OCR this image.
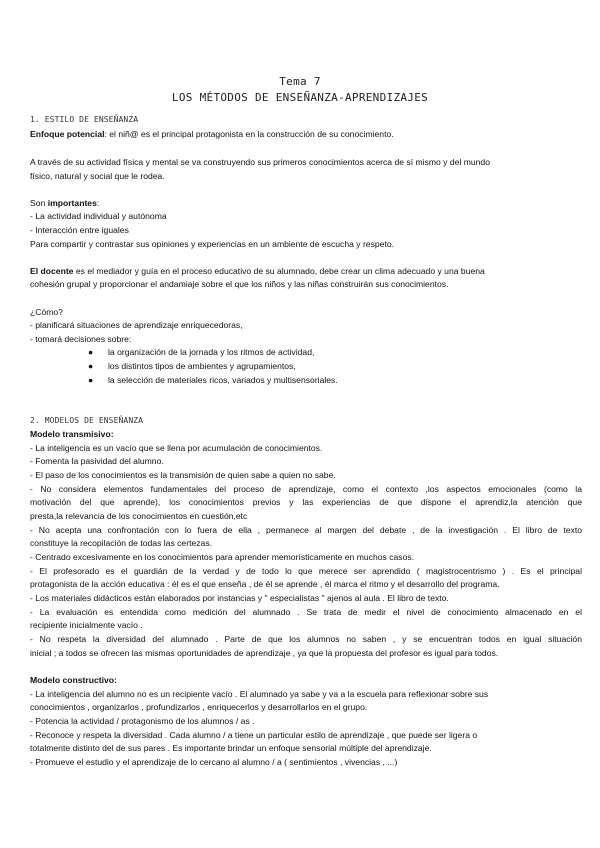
Tema 7
LOS MÉTODOS DE ENSEÑANZA-APRENDIZAJES
1. ESTILO DE ENSEÑANZA
Enfoque potencial: el niñ@ es el principal protagonista en la construcción de su conocimiento.
A través de su actividad física y mental se va construyendo sus primeros conocimientos acerca de sí mismo y del mundo
físico, natural y social que le rodea.
Son importantes:
- La actividad individual y autónoma
- Interacción entre iguales
Para compartir y contrastar sus opiniones y experiencias en un ambiente de escucha y respeto.
El docente es el mediador y guía en el proceso educativo de su alumnado, debe crear un clima adecuado y una buena
cohesión grupal y proporcionar el andamiaje sobre el que los niños y las niñas construirán sus conocimientos.
¿Cómo?
- planificará situaciones de aprendizaje enriquecedoras,
- tomará decisiones sobre:
● la organización de la jornada y los ritmos de actividad,
● los distintos tipos de ambientes y agrupamientos,
● la selección de materiales ricos, variados y multisensoriales.
2. MODELOS DE ENSEÑANZA
Modelo transmisivo:
- La inteligencia es un vacío que se llena por acumulación de conocimientos.
- Fomenta la pasividad del alumno.
- El paso de los conocimientos es la transmisión de quien sabe a quien no sabe.
- No considera elementos fundamentales del proceso de aprendizaje, como el contexto ,los aspectos emocionales (como la
motivación del que aprende), los conocimientos previos y las experiencias de que dispone el aprendiz,la atención que
presta,la relevancia de los conocimientos en cuestión,etc
- No acepta una confrontación con lo fuera de ella , permanece al margen del debate , de la investigación . El libro de texto
constituye la recopilación de todas las certezas.
- Centrado excesivamente en los conocimientos para aprender memorísticamente en muchos casos.
- El profesorado es el guardián de la verdad y de todo lo que merece ser aprendido ( magistrocentrismo ) . Es el principal
protagonista de la acción educativa : él es el que enseña , de él se aprende , él marca el ritmo y el desarrollo del programa.
- Los materiales didácticos están elaborados por instancias y " especialistas " ajenos al aula . El libro de texto.
- La evaluación es entendida como medición del alumnado . Se trata de medir el nivel de conocimiento almacenado en el
recipiente inicialmente vacío .
- No respeta la diversidad del alumnado . Parte de que los alumnos no saben , y se encuentran todos en igual situación
inicial ; a todos se ofrecen las mismas oportunidades de aprendizaje , ya que la propuesta del profesor es igual para todos.
Modelo constructivo:
- La inteligencia del alumno no es un recipiente vacío . El alumnado ya sabe y va a la escuela para reflexionar sobre sus
conocimientos , organizarlos , profundizarlos , enriquecerlos y desarrollarlos en el grupo.
- Potencia la actividad / protagonismo de los alumnos / as .
- Reconoce y respeta la diversidad . Cada alumno / a tiene un particular estilo de aprendizaje , que puede ser ligera o
totalmente distinto del de sus pares . Es importante brindar un enfoque sensorial múltiple del aprendizaje.
- Promueve el estudio y el aprendizaje de lo cercano al alumno / a ( sentimientos , vivencias , ...)
